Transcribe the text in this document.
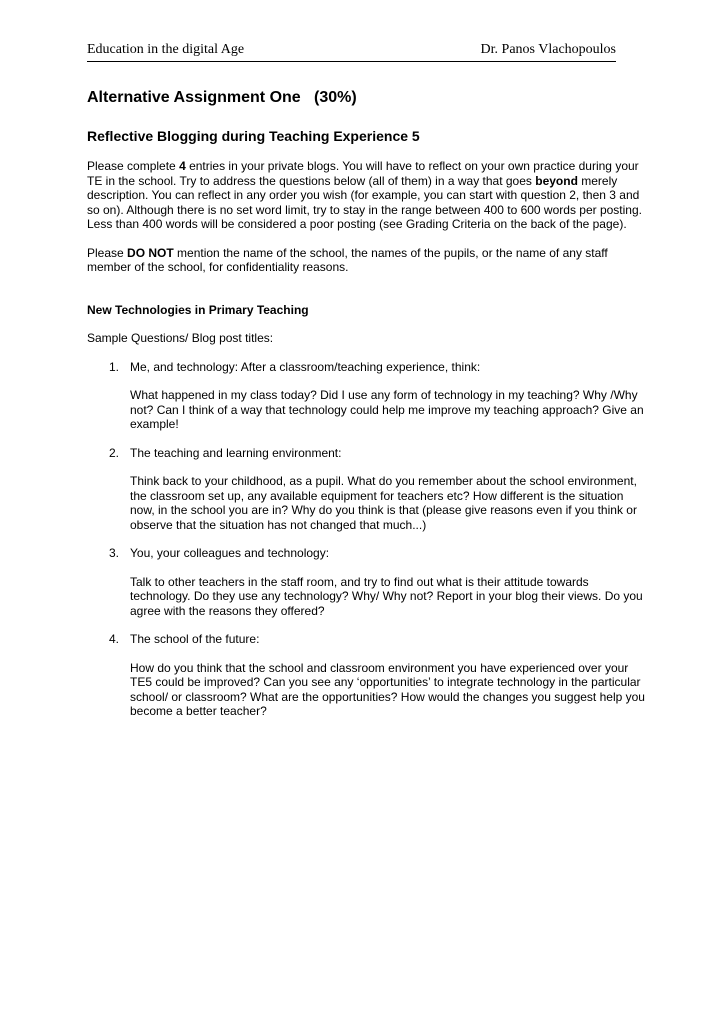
Education in the digital Age	Dr. Panos Vlachopoulos
Alternative Assignment One   (30%)
Reflective Blogging during Teaching Experience 5

Please complete 4 entries in your private blogs. You will have to reflect on your own practice during your TE in the school. Try to address the questions below (all of them) in a way that goes beyond merely description. You can reflect in any order you wish (for example, you can start with question 2, then 3 and so on). Although there is no set word limit, try to stay in the range between 400 to 600 words per posting. Less than 400 words will be considered a poor posting (see Grading Criteria on the back of the page).

Please DO NOT mention the name of the school, the names of the pupils, or the name of any staff member of the school, for confidentiality reasons.

New Technologies in Primary Teaching

Sample Questions/ Blog post titles:

1. Me, and technology: After a classroom/teaching experience, think:
What happened in my class today? Did I use any form of technology in my teaching? Why /Why not? Can I think of a way that technology could help me improve my teaching approach? Give an example!
2. The teaching and learning environment:
Think back to your childhood, as a pupil. What do you remember about the school environment, the classroom set up, any available equipment for teachers etc? How different is the situation now, in the school you are in? Why do you think is that (please give reasons even if you think or observe that the situation has not changed that much...)
3. You, your colleagues and technology:
Talk to other teachers in the staff room, and try to find out what is their attitude towards technology. Do they use any technology? Why/ Why not? Report in your blog their views. Do you agree with the reasons they offered?
4. The school of the future:
How do you think that the school and classroom environment you have experienced over your TE5 could be improved? Can you see any ‘opportunities’ to integrate technology in the particular school/ or classroom? What are the opportunities? How would the changes you suggest help you become a better teacher?
